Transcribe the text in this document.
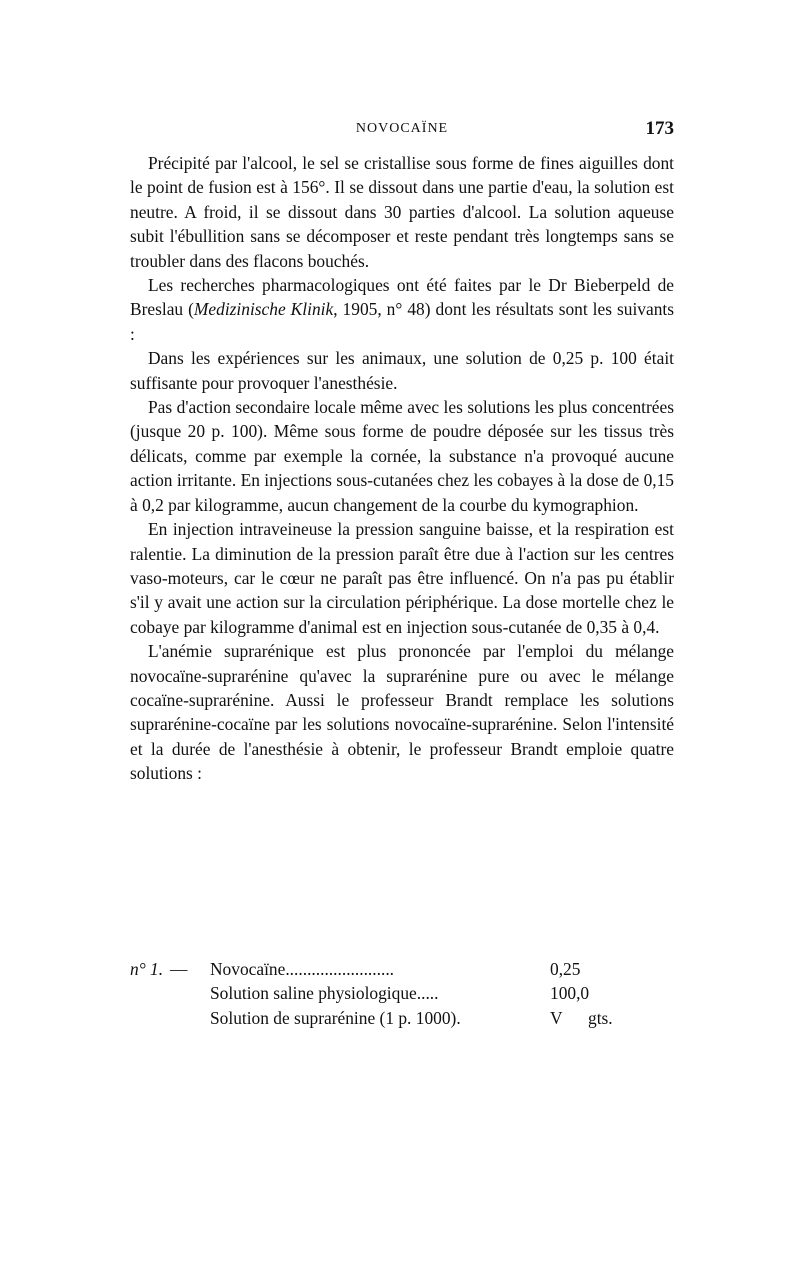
NOVOCAÏNE	173

Précipité par l'alcool, le sel se cristallise sous forme de fines aiguilles dont le point de fusion est à 156°. Il se dissout dans une partie d'eau, la solution est neutre. A froid, il se dissout dans 30 parties d'alcool. La solution aqueuse subit l'ébullition sans se décomposer et reste pendant très longtemps sans se troubler dans des flacons bouchés.

Les recherches pharmacologiques ont été faites par le Dr Bieberpeld de Breslau (Medizinische Klinik, 1905, n° 48) dont les résultats sont les suivants :

Dans les expériences sur les animaux, une solution de 0,25 p. 100 était suffisante pour provoquer l'anesthésie.

Pas d'action secondaire locale même avec les solutions les plus concentrées (jusque 20 p. 100). Même sous forme de poudre déposée sur les tissus très délicats, comme par exemple la cornée, la substance n'a provoqué aucune action irritante. En injections sous-cutanées chez les cobayes à la dose de 0,15 à 0,2 par kilogramme, aucun changement de la courbe du kymographion.

En injection intraveineuse la pression sanguine baisse, et la respiration est ralentie. La diminution de la pression paraît être due à l'action sur les centres vaso-moteurs, car le cœur ne paraît pas être influencé. On n'a pas pu établir s'il y avait une action sur la circulation périphérique. La dose mortelle chez le cobaye par kilogramme d'animal est en injection sous-cutanée de 0,35 à 0,4.

L'anémie suprarénique est plus prononcée par l'emploi du mélange novocaïne-suprarénine qu'avec la suprarénine pure ou avec le mélange cocaïne-suprarénine. Aussi le professeur Brandt remplace les solutions suprarénine-cocaïne par les solutions novocaïne-suprarénine. Selon l'intensité et la durée de l'anesthésie à obtenir, le professeur Brandt emploie quatre solutions :

n° 1. — Novocaïne.........................	0,25
Solution saline physiologique.....	100,0
Solution de suprarénine (1 p. 1000).	V gts.
